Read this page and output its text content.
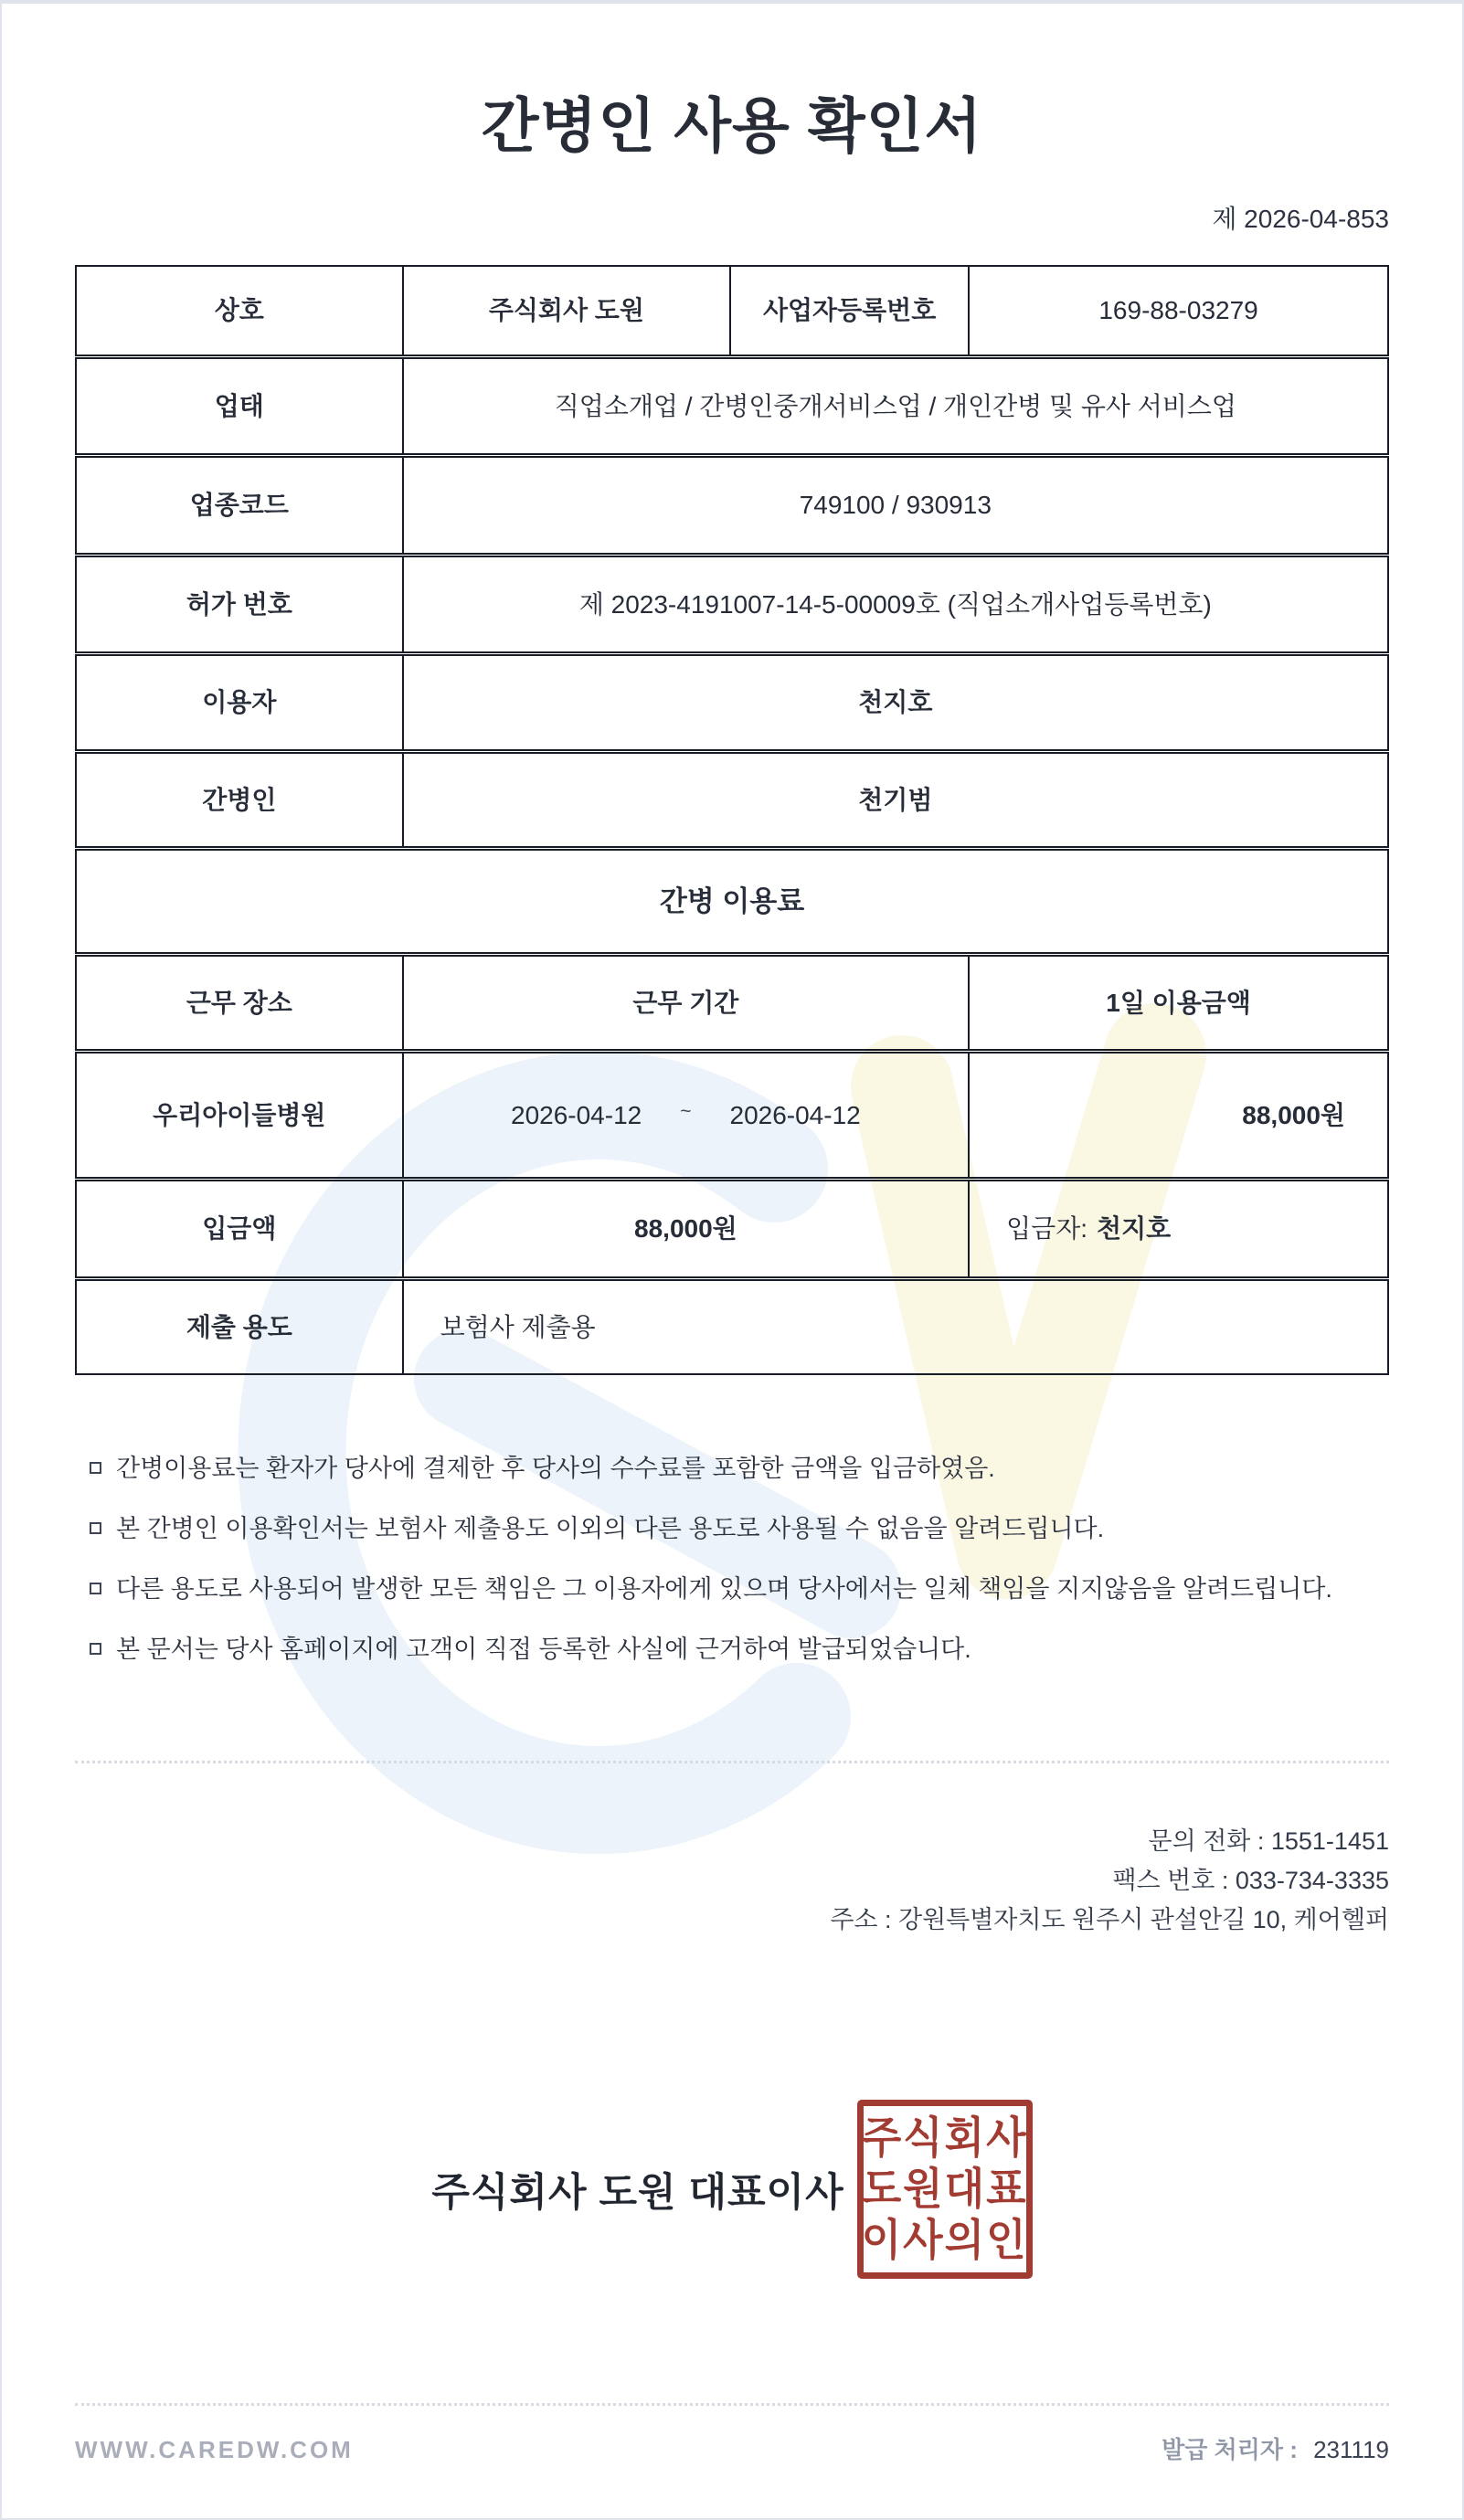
간병인 사용 확인서
제 2026-04-853
상호	주식회사 도원	사업자등록번호	169-88-03279
업태	직업소개업 / 간병인중개서비스업 / 개인간병 및 유사 서비스업
업종코드	749100 / 930913
허가 번호	제 2023-4191007-14-5-00009호 (직업소개사업등록번호)
이용자	천지호
간병인	천기범
간병 이용료
근무 장소	근무 기간	1일 이용금액
우리아이들병원	2026-04-12 ~ 2026-04-12	88,000원
입금액	88,000원	입금자: 천지호
제출 용도	보험사 제출용
간병이용료는 환자가 당사에 결제한 후 당사의 수수료를 포함한 금액을 입금하였음.
본 간병인 이용확인서는 보험사 제출용도 이외의 다른 용도로 사용될 수 없음을 알려드립니다.
다른 용도로 사용되어 발생한 모든 책임은 그 이용자에게 있으며 당사에서는 일체 책임을 지지않음을 알려드립니다.
본 문서는 당사 홈페이지에 고객이 직접 등록한 사실에 근거하여 발급되었습니다.
문의 전화 : 1551-1451
팩스 번호 : 033-734-3335
주소 : 강원특별자치도 원주시 관설안길 10, 케어헬퍼
주식회사 도원 대표이사
주식회사
도원대표
이사의인
WWW.CAREDW.COM	발급 처리자 : 231119
